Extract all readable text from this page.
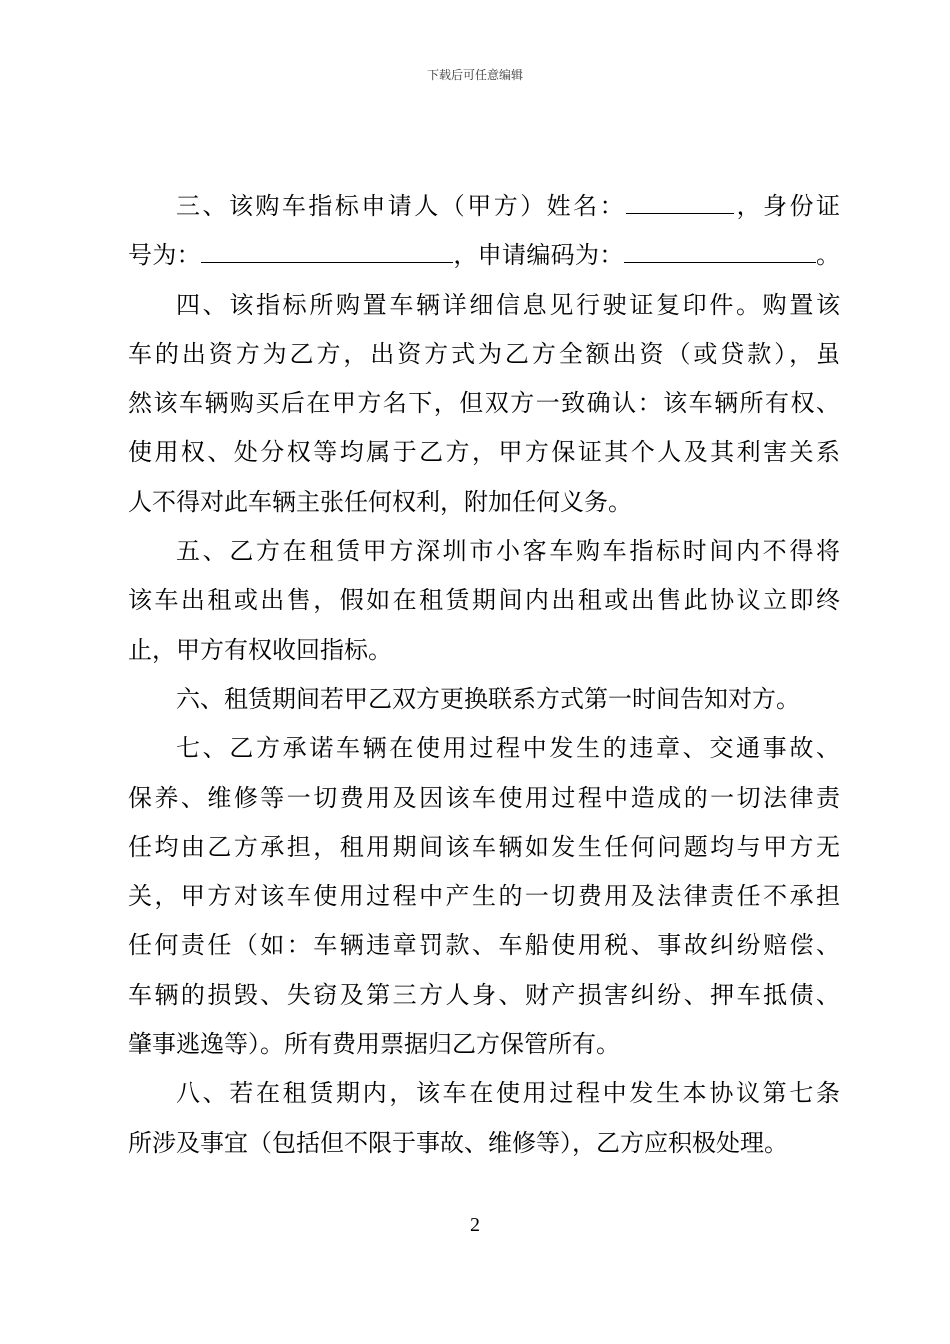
下载后可任意编辑
三、该购车指标申请人（甲方）姓名：	，身份证
号为：	，申请编码为：	。
四、该指标所购置车辆详细信息见行驶证复印件。购置该
车的出资方为乙方，出资方式为乙方全额出资（或贷款），虽
然该车辆购买后在甲方名下，但双方一致确认：该车辆所有权、
使用权、处分权等均属于乙方，甲方保证其个人及其利害关系
人不得对此车辆主张任何权利，附加任何义务。
五、乙方在租赁甲方深圳市小客车购车指标时间内不得将
该车出租或出售，假如在租赁期间内出租或出售此协议立即终
止，甲方有权收回指标。
六、租赁期间若甲乙双方更换联系方式第一时间告知对方。
七、乙方承诺车辆在使用过程中发生的违章、交通事故、
保养、维修等一切费用及因该车使用过程中造成的一切法律责
任均由乙方承担，租用期间该车辆如发生任何问题均与甲方无
关，甲方对该车使用过程中产生的一切费用及法律责任不承担
任何责任（如：车辆违章罚款、车船使用税、事故纠纷赔偿、
车辆的损毁、失窃及第三方人身、财产损害纠纷、押车抵债、
肇事逃逸等）。所有费用票据归乙方保管所有。
八、若在租赁期内，该车在使用过程中发生本协议第七条
所涉及事宜（包括但不限于事故、维修等），乙方应积极处理。
2
